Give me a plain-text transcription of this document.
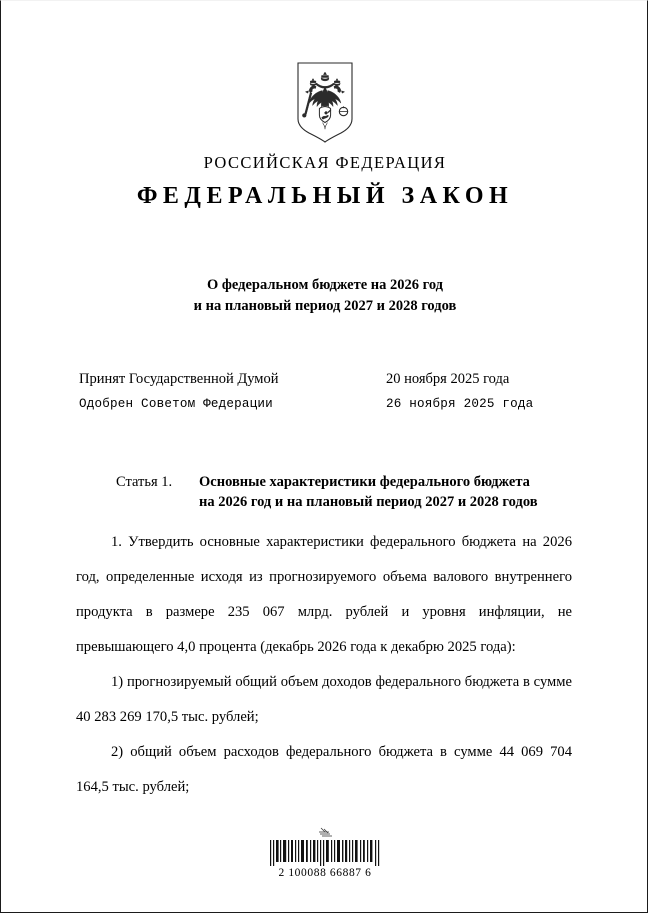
РОССИЙСКАЯ ФЕДЕРАЦИЯ
ФЕДЕРАЛЬНЫЙ ЗАКОН
О федеральном бюджете на 2026 год
и на плановый период 2027 и 2028 годов
Принят Государственной Думой	20 ноября 2025 года
Одобрен Советом Федерации	26 ноября 2025 года
Статья 1. Основные характеристики федерального бюджета
на 2026 год и на плановый период 2027 и 2028 годов

1. Утвердить основные характеристики федерального бюджета на 2026 год, определенные исходя из прогнозируемого объема валового внутреннего продукта в размере 235 067 млрд. рублей и уровня инфляции, не превышающего 4,0 процента (декабрь 2026 года к декабрю 2025 года):

1) прогнозируемый общий объем доходов федерального бюджета в сумме 40 283 269 170,5 тыс. рублей;

2) общий объем расходов федерального бюджета в сумме 44 069 704 164,5 тыс. рублей;

2 100088 66887 6
